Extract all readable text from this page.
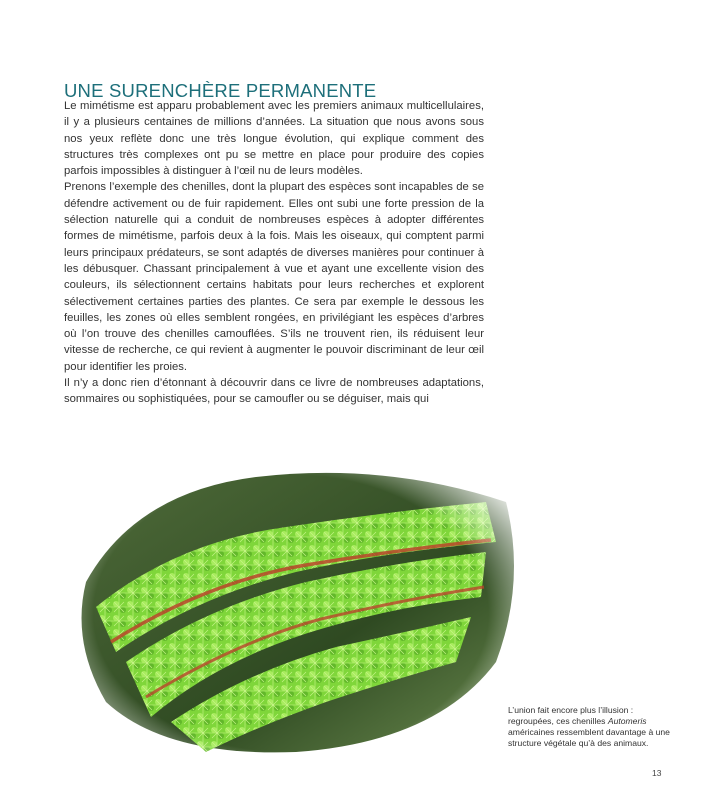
UNE SURENCHÈRE PERMANENTE

Le mimétisme est apparu probablement avec les premiers animaux multicellulaires, il y a plusieurs centaines de millions d’années. La situation que nous avons sous nos yeux reflète donc une très longue évolution, qui explique comment des structures très complexes ont pu se mettre en place pour produire des copies parfois impossibles à distinguer à l’œil nu de leurs modèles.

Prenons l’exemple des chenilles, dont la plupart des espèces sont incapables de se défendre activement ou de fuir rapidement. Elles ont subi une forte pression de la sélection naturelle qui a conduit de nombreuses espèces à adopter différentes formes de mimétisme, parfois deux à la fois. Mais les oiseaux, qui comptent parmi leurs principaux prédateurs, se sont adaptés de diverses manières pour continuer à les débusquer. Chassant principalement à vue et ayant une excellente vision des couleurs, ils sélectionnent certains habitats pour leurs recherches et explorent sélectivement certaines parties des plantes. Ce sera par exemple le dessous les feuilles, les zones où elles semblent rongées, en privilégiant les espèces d’arbres où l’on trouve des chenilles camouflées. S’ils ne trouvent rien, ils réduisent leur vitesse de recherche, ce qui revient à augmenter le pouvoir discriminant de leur œil pour identifier les proies.

Il n’y a donc rien d’étonnant à découvrir dans ce livre de nombreuses adaptations, sommaires ou sophistiquées, pour se camoufler ou se déguiser, mais qui

L’union fait encore plus l’illusion : regroupées, ces chenilles Automeris américaines ressemblent davantage à une structure végétale qu’à des animaux.
13
